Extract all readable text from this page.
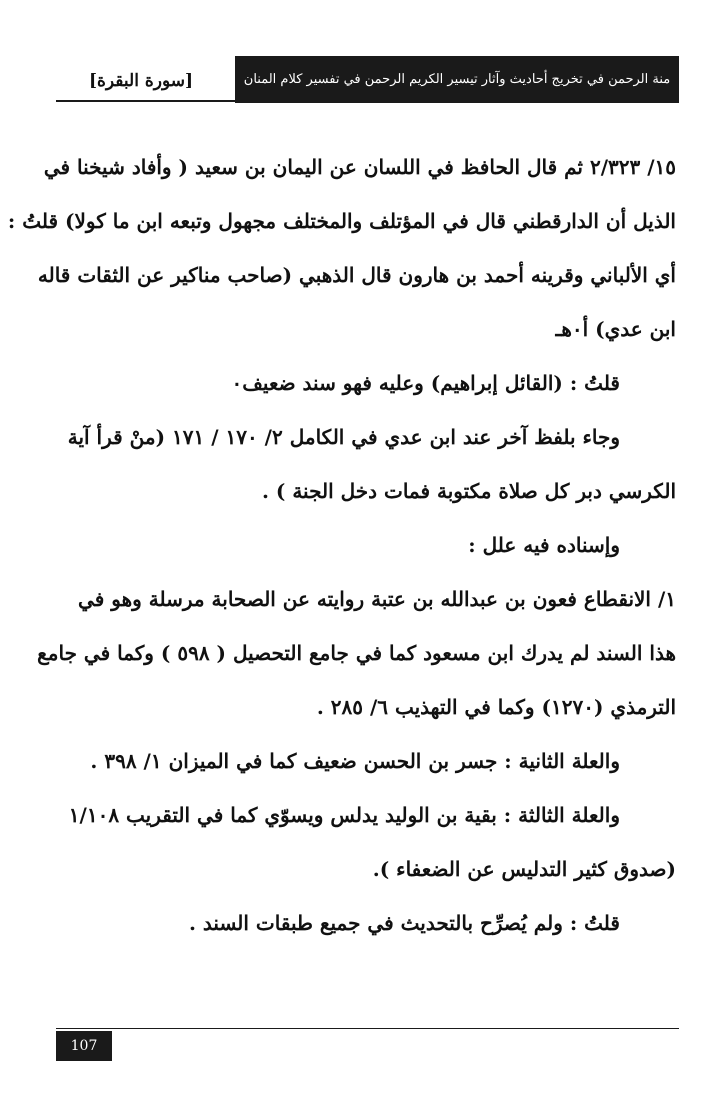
منة الرحمن في تخريج أحاديث وآثار تيسير الكريم الرحمن في تفسير كلام المنان
[سورة البقرة]
١٥/ ٢/٣٢٣ ثم قال الحافظ في اللسان عن اليمان بن سعيد ( وأفاد شيخنا في
الذيل أن الدارقطني قال في المؤتلف والمختلف مجهول وتبعه ابن ما كولا) قلتُ :
أي الألباني وقرينه أحمد بن هارون قال الذهبي (صاحب مناكير عن الثقات قاله
ابن عدي) أ٠هـ
قلتُ : (القائل إبراهيم) وعليه فهو سند ضعيف٠
وجاء بلفظ آخر عند ابن عدي في الكامل ٢/ ١٧٠ / ١٧١ (منْ قرأ آية
الكرسي دبر كل صلاة مكتوبة فمات دخل الجنة ) .
وإسناده فيه علل :
١/ الانقطاع فعون بن عبدالله بن عتبة روايته عن الصحابة مرسلة وهو في
هذا السند لم يدرك ابن مسعود كما في جامع التحصيل ( ٥٩٨ ) وكما في جامع
الترمذي (١٢٧٠) وكما في التهذيب ٦/ ٢٨٥ .
والعلة الثانية : جسر بن الحسن ضعيف كما في الميزان ١/ ٣٩٨ .
والعلة الثالثة : بقية بن الوليد يدلس ويسوّي كما في التقريب ١/١٠٨
(صدوق كثير التدليس عن الضعفاء ).
قلتُ : ولم يُصرِّح بالتحديث في جميع طبقات السند .
107
